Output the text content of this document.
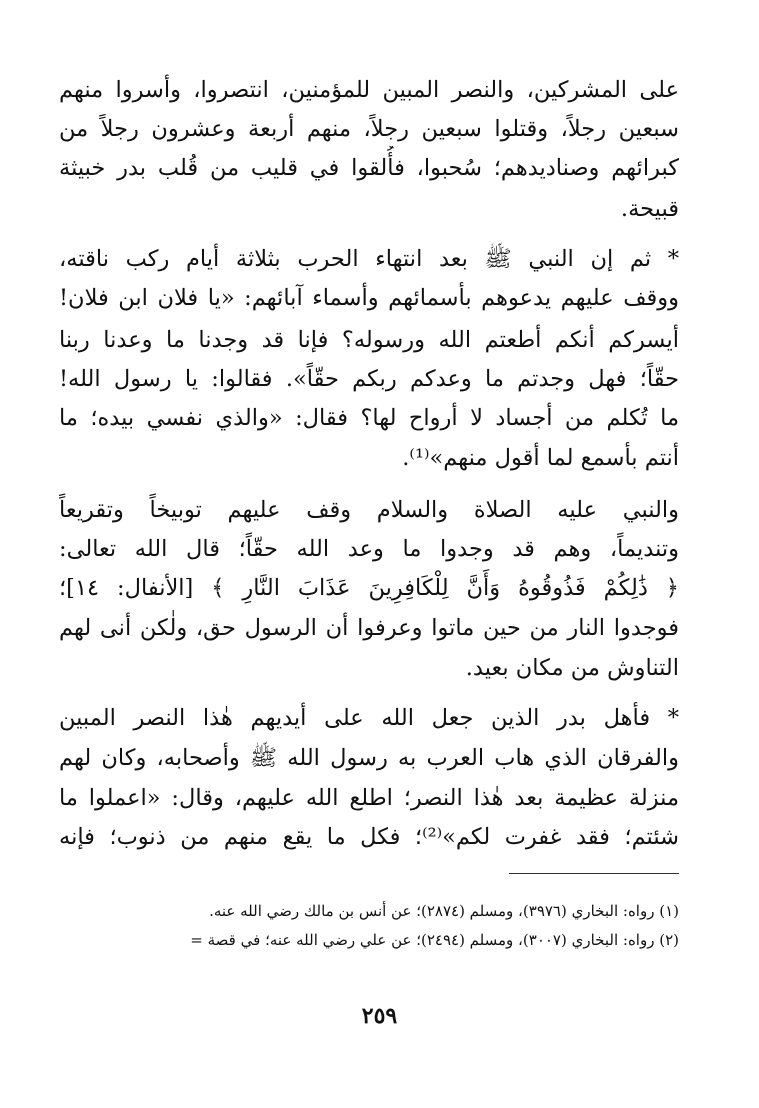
على المشركين، والنصر المبين للمؤمنين، انتصروا، وأسروا منهم
سبعين رجلاً، وقتلوا سبعين رجلاً، منهم أربعة وعشرون رجلاً من
كبرائهم وصناديدهم؛ سُحبوا، فأُلقوا في قليب من قُلب بدر خبيثة
قبيحة.
* ثم إن النبي ﷺ بعد انتهاء الحرب بثلاثة أيام ركب ناقته،
ووقف عليهم يدعوهم بأسمائهم وأسماء آبائهم: «يا فلان ابن فلان!
أيسركم أنكم أطعتم الله ورسوله؟ فإنا قد وجدنا ما وعدنا ربنا
حقّاً؛ فهل وجدتم ما وعدكم ربكم حقّاً». فقالوا: يا رسول الله!
ما تُكلم من أجساد لا أرواح لها؟ فقال: «والذي نفسي بيده؛ ما
أنتم بأسمع لما أقول منهم»⁽¹⁾.
والنبي عليه الصلاة والسلام وقف عليهم توبيخاً وتقريعاً
وتنديماً، وهم قد وجدوا ما وعد الله حقّاً؛ قال الله تعالى:
﴿ ذَٰلِكُمْ فَذُوقُوهُ وَأَنَّ لِلْكَافِرِينَ عَذَابَ النَّارِ ﴾ [الأنفال: ١٤]؛
فوجدوا النار من حين ماتوا وعرفوا أن الرسول حق، ولٰكن أنى لهم
التناوش من مكان بعيد.
* فأهل بدر الذين جعل الله على أيديهم هٰذا النصر المبين
والفرقان الذي هاب العرب به رسول الله ﷺ وأصحابه، وكان لهم
منزلة عظيمة بعد هٰذا النصر؛ اطلع الله عليهم، وقال: «اعملوا ما
شئتم؛ فقد غفرت لكم»⁽²⁾؛ فكل ما يقع منهم من ذنوب؛ فإنه
(١) رواه: البخاري (٣٩٧٦)، ومسلم (٢٨٧٤)؛ عن أنس بن مالك رضي الله عنه.
(٢) رواه: البخاري (٣٠٠٧)، ومسلم (٢٤٩٤)؛ عن علي رضي الله عنه؛ في قصة =
٢٥٩
